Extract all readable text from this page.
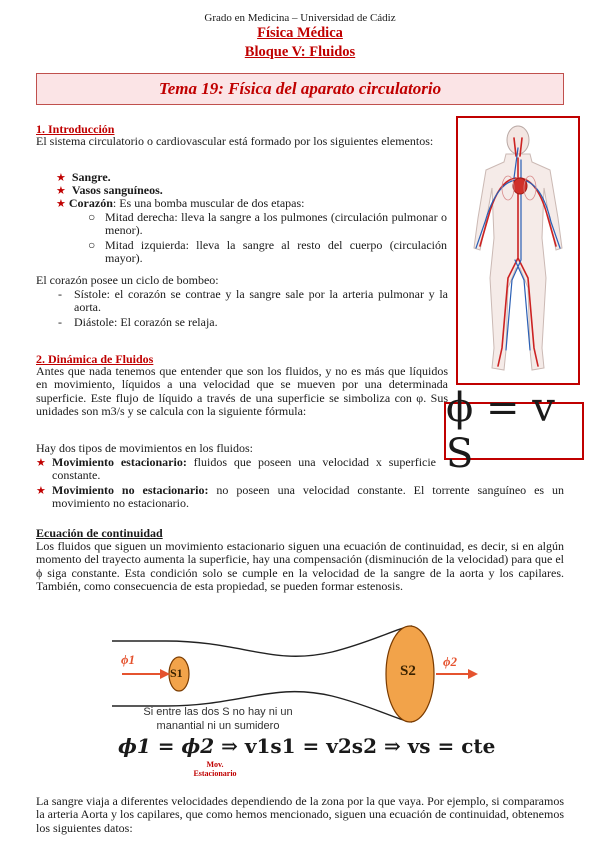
Grado en Medicina – Universidad de Cádiz
Física Médica
Bloque V: Fluidos
Tema 19: Física del aparato circulatorio
1. Introducción
El sistema circulatorio o cardiovascular está formado por los siguientes elementos:
★ Sangre.
★ Vasos sanguíneos.
★ Corazón: Es una bomba muscular de dos etapas:
○ Mitad derecha: lleva la sangre a los pulmones (circulación pulmonar o menor).
○ Mitad izquierda: lleva la sangre al resto del cuerpo (circulación mayor).
El corazón posee un ciclo de bombeo:
- Sístole: el corazón se contrae y la sangre sale por la arteria pulmonar y la aorta.
- Diástole: El corazón se relaja.
2. Dinámica de Fluidos
Antes que nada tenemos que entender que son los fluidos, y no es más que líquidos en movimiento, líquidos a una velocidad que se mueven por una determinada superficie. Este flujo de líquido a través de una superficie se simboliza con φ. Sus unidades son m3/s y se calcula con la siguiente fórmula:	ϕ = v S
Hay dos tipos de movimientos en los fluidos:
★ Movimiento estacionario: fluidos que poseen una velocidad x superficie constante.
★ Movimiento no estacionario: no poseen una velocidad constante. El torrente sanguíneo es un movimiento no estacionario.
Ecuación de continuidad
Los fluidos que siguen un movimiento estacionario siguen una ecuación de continuidad, es decir, si en algún momento del trayecto aumenta la superficie, hay una compensación (disminución de la velocidad) para que el ϕ siga constante. Esta condición solo se cumple en la velocidad de la sangre de la aorta y los capilares. También, como consecuencia de esta propiedad, se pueden formar estenosis.
ϕ1	ϕ2
S1	S2
Si entre las dos S no hay ni un
manantial ni un sumidero
ϕ1 = ϕ2 ⇒ v1s1 = v2s2 ⇒ vs = cte
Mov.
Estacionario
La sangre viaja a diferentes velocidades dependiendo de la zona por la que vaya. Por ejemplo, si comparamos la arteria Aorta y los capilares, que como hemos mencionado, siguen una ecuación de continuidad, obtenemos los siguientes datos:
